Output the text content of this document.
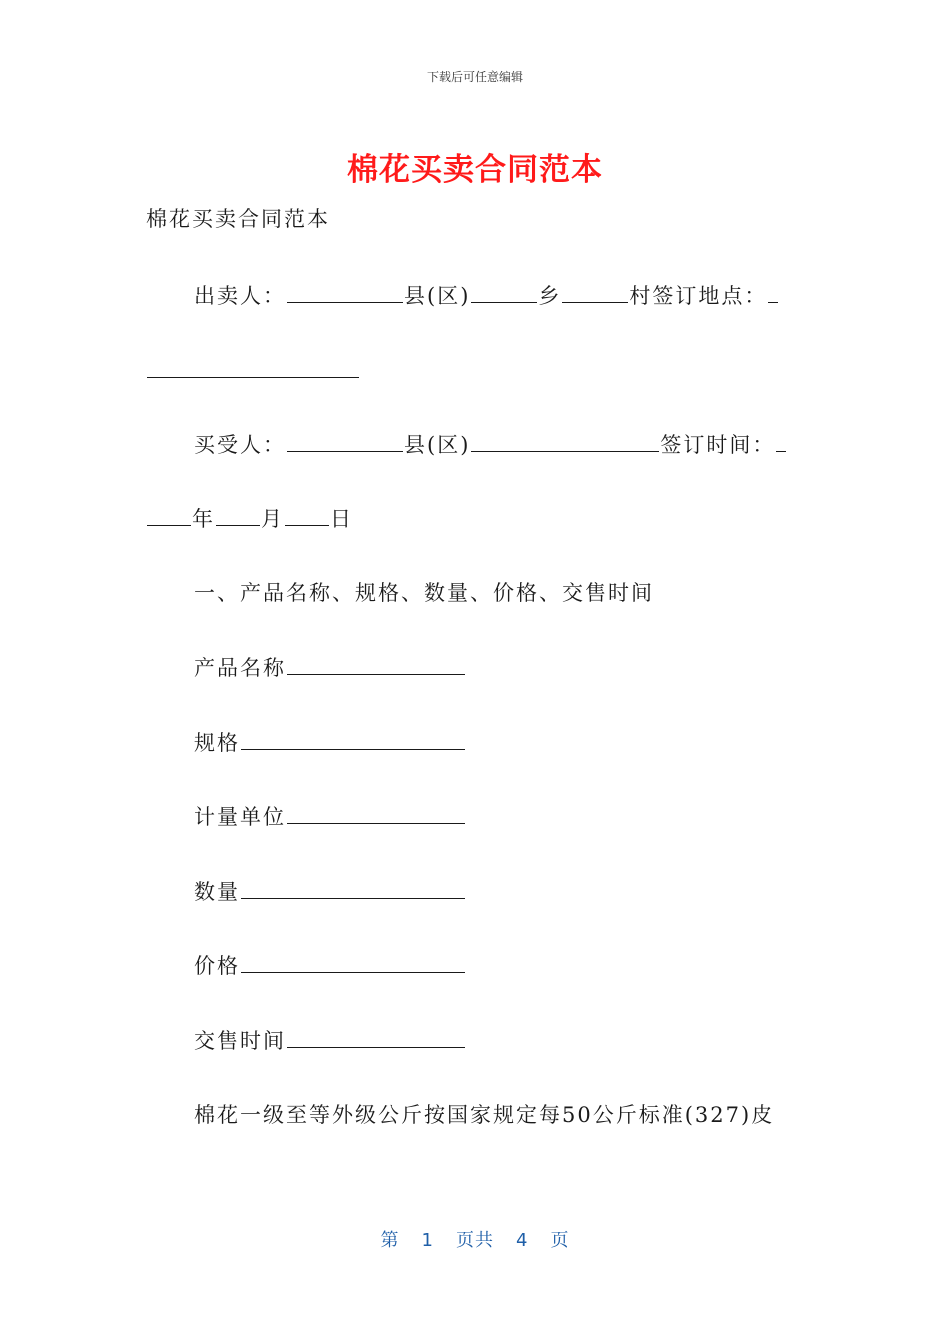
下载后可任意编辑
棉花买卖合同范本
棉花买卖合同范本
出卖人：	县(区)	乡	村签订地点：
买受人：	县(区)	签订时间：
年 月 日
一、产品名称、规格、数量、价格、交售时间
产品名称
规格
计量单位
数量
价格
交售时间
棉花一级至等外级公斤按国家规定每50公斤标准(327)皮
第 1 页共 4 页
